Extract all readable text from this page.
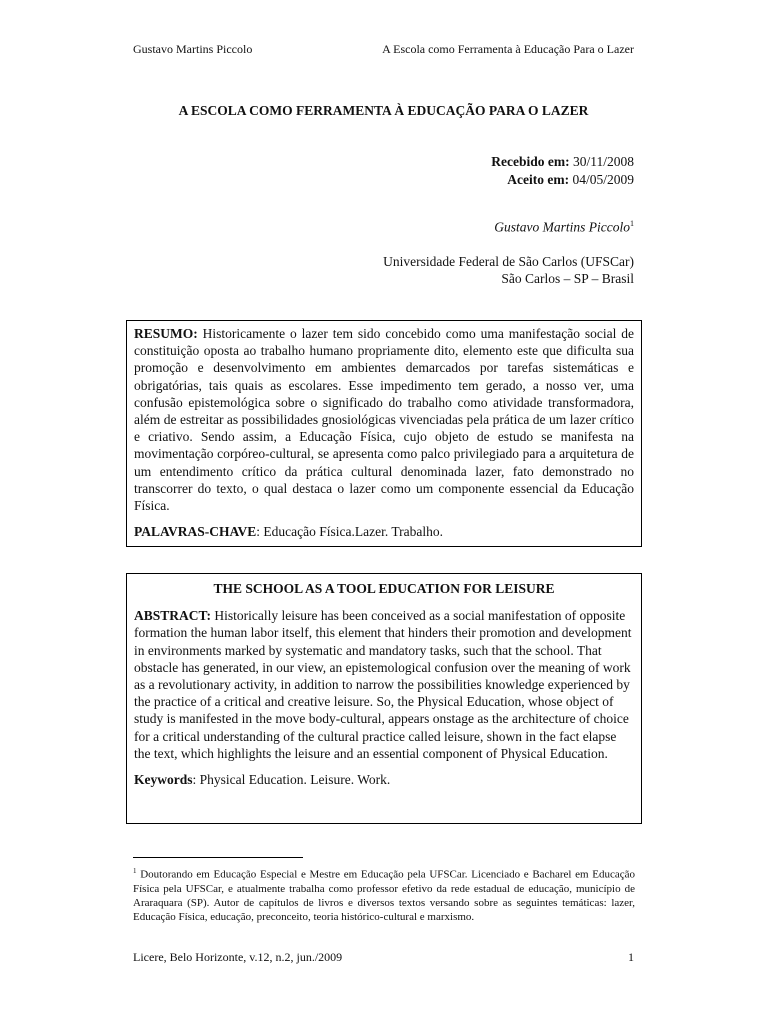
Gustavo Martins Piccolo	A Escola como Ferramenta à Educação Para o Lazer
A ESCOLA COMO FERRAMENTA À EDUCAÇÃO PARA O LAZER
Recebido em: 30/11/2008
Aceito em: 04/05/2009
Gustavo Martins Piccolo$^1$
Universidade Federal de São Carlos (UFSCar)
São Carlos – SP – Brasil

RESUMO: Historicamente o lazer tem sido concebido como uma manifestação social de constituição oposta ao trabalho humano propriamente dito, elemento este que dificulta sua promoção e desenvolvimento em ambientes demarcados por tarefas sistemáticas e obrigatórias, tais quais as escolares. Esse impedimento tem gerado, a nosso ver, uma confusão epistemológica sobre o significado do trabalho como atividade transformadora, além de estreitar as possibilidades gnosiológicas vivenciadas pela prática de um lazer crítico e criativo. Sendo assim, a Educação Física, cujo objeto de estudo se manifesta na movimentação corpóreo-cultural, se apresenta como palco privilegiado para a arquitetura de um entendimento crítico da prática cultural denominada lazer, fato demonstrado no transcorrer do texto, o qual destaca o lazer como um componente essencial da Educação Física.

PALAVRAS-CHAVE: Educação Física.Lazer. Trabalho.

THE SCHOOL AS A TOOL EDUCATION FOR LEISURE

ABSTRACT: Historically leisure has been conceived as a social manifestation of opposite formation the human labor itself, this element that hinders their promotion and development in environments marked by systematic and mandatory tasks, such that the school. That obstacle has generated, in our view, an epistemological confusion over the meaning of work as a revolutionary activity, in addition to narrow the possibilities knowledge experienced by the practice of a critical and creative leisure. So, the Physical Education, whose object of study is manifested in the move body-cultural, appears onstage as the architecture of choice for a critical understanding of the cultural practice called leisure, shown in the fact elapse the text, which highlights the leisure and an essential component of Physical Education.

Keywords: Physical Education. Leisure. Work.

$^1$ Doutorando em Educação Especial e Mestre em Educação pela UFSCar. Licenciado e Bacharel em Educação Física pela UFSCar, e atualmente trabalha como professor efetivo da rede estadual de educação, município de Araraquara (SP). Autor de capítulos de livros e diversos textos versando sobre as seguintes temáticas: lazer, Educação Física, educação, preconceito, teoria histórico-cultural e marxismo.
Licere, Belo Horizonte, v.12, n.2, jun./2009	1
